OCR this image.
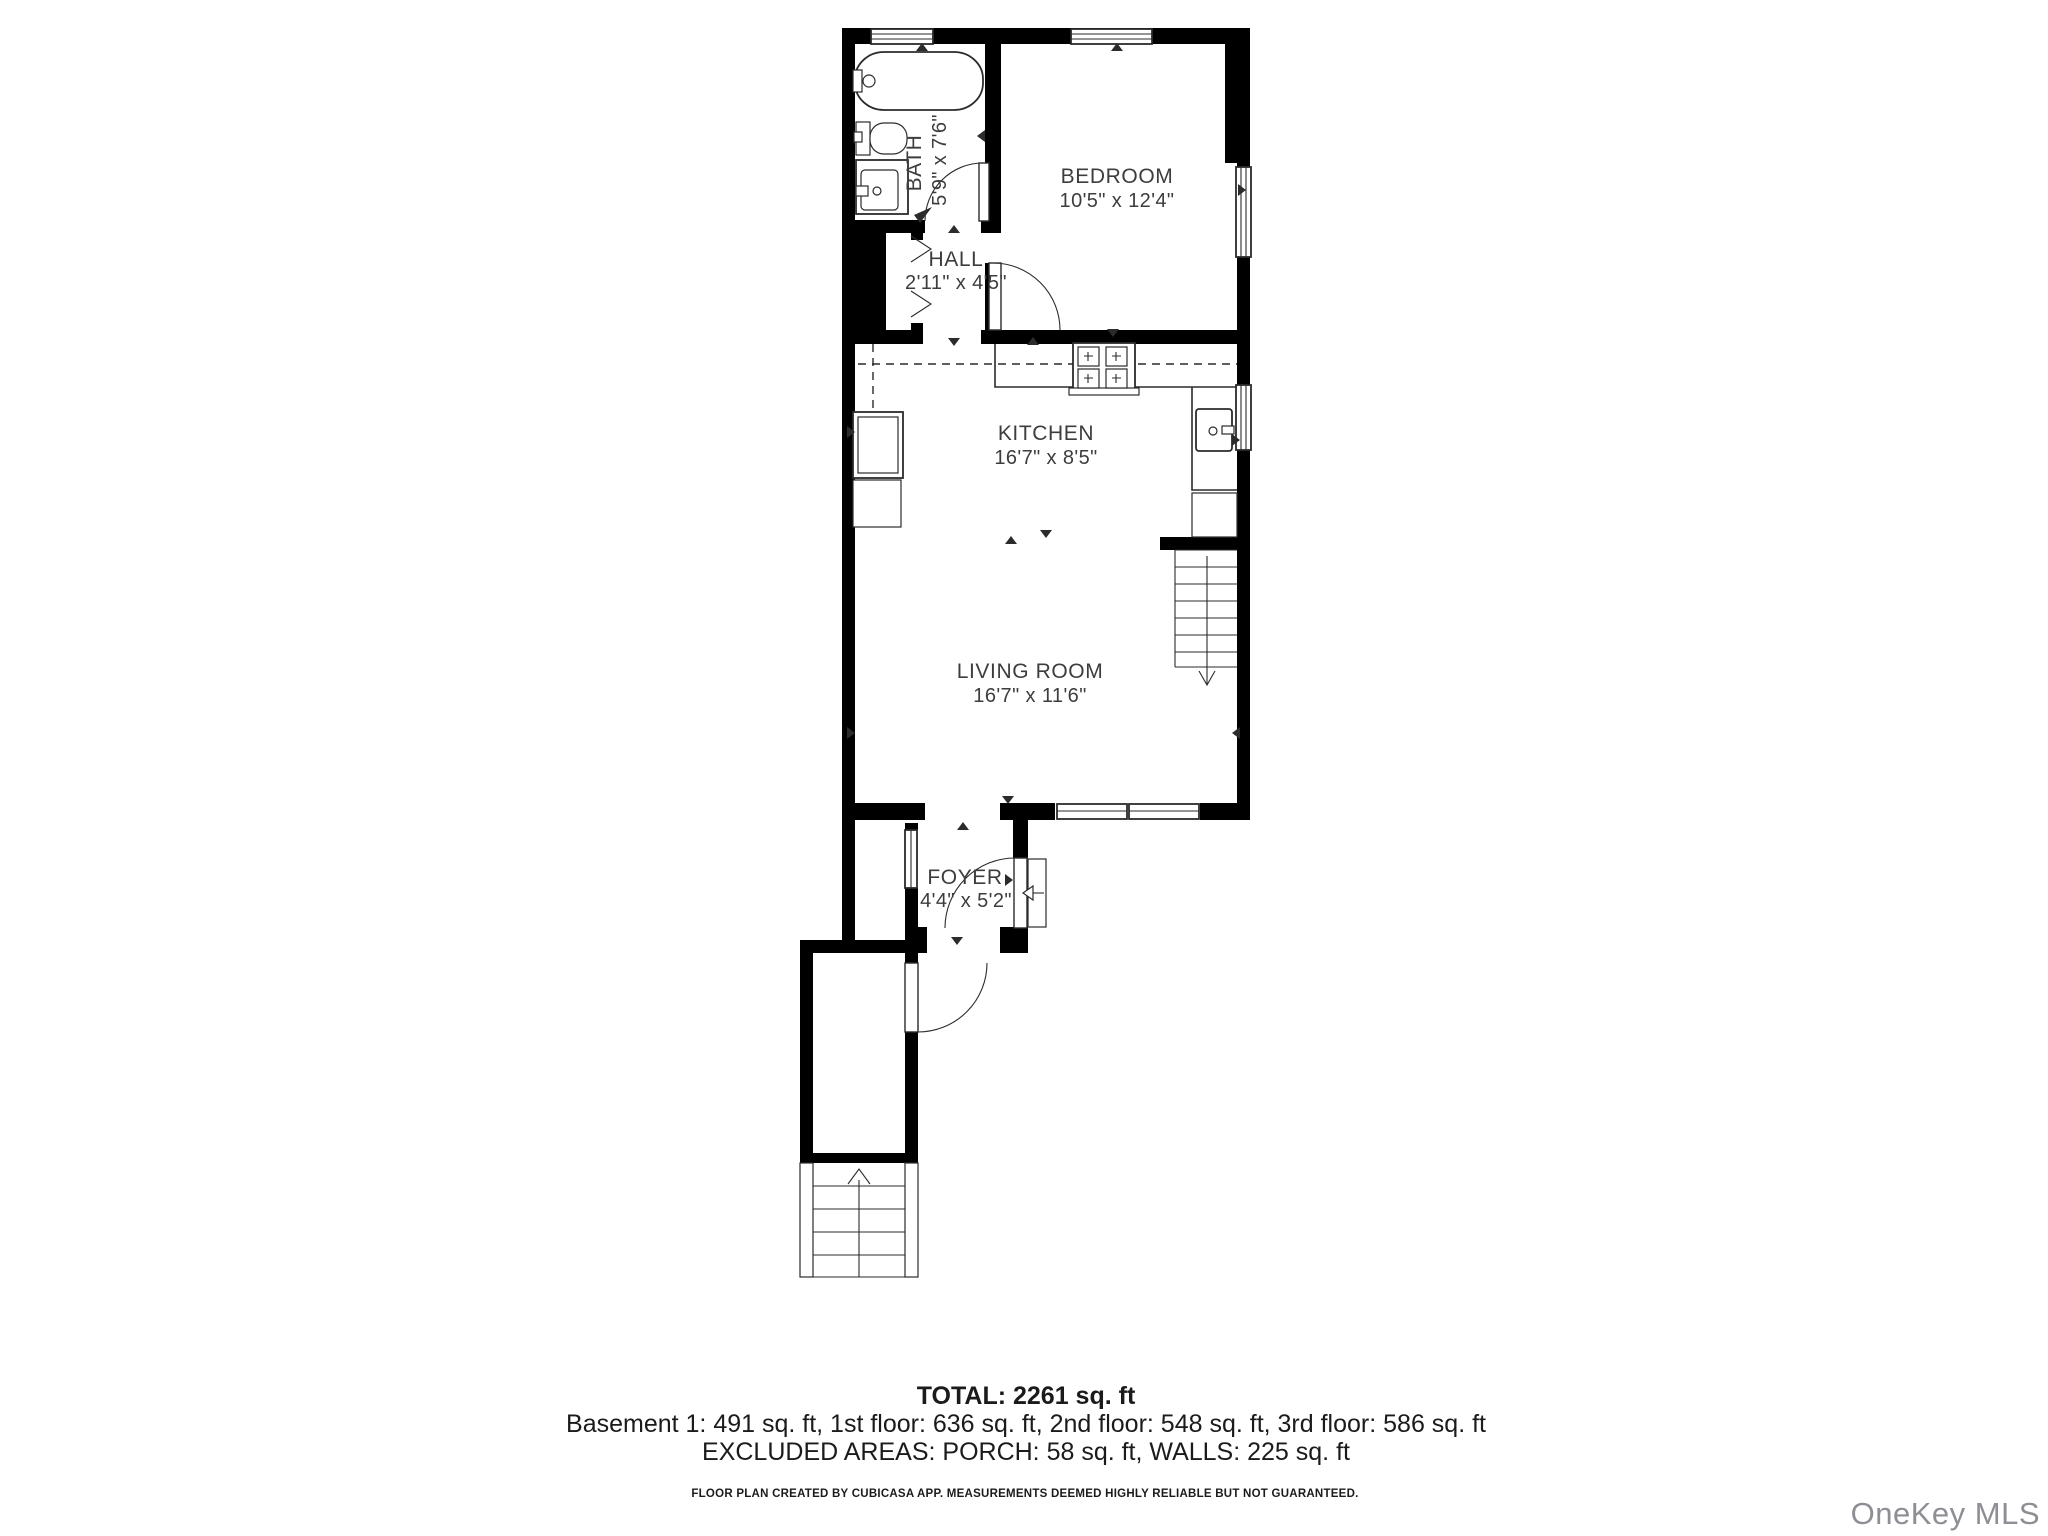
BATH 5'9" x 7'6"	BEDROOM
10'5" x 12'4"
HALL
2'11" x 4'5"
KITCHEN
16'7" x 8'5"
LIVING ROOM
16'7" x 11'6"
FOYER
4'4" x 5'2"
TOTAL: 2261 sq. ft
Basement 1: 491 sq. ft, 1st floor: 636 sq. ft, 2nd floor: 548 sq. ft, 3rd floor: 586 sq. ft
EXCLUDED AREAS: PORCH: 58 sq. ft, WALLS: 225 sq. ft
FLOOR PLAN CREATED BY CUBICASA APP. MEASUREMENTS DEEMED HIGHLY RELIABLE BUT NOT GUARANTEED.
OneKey MLS
